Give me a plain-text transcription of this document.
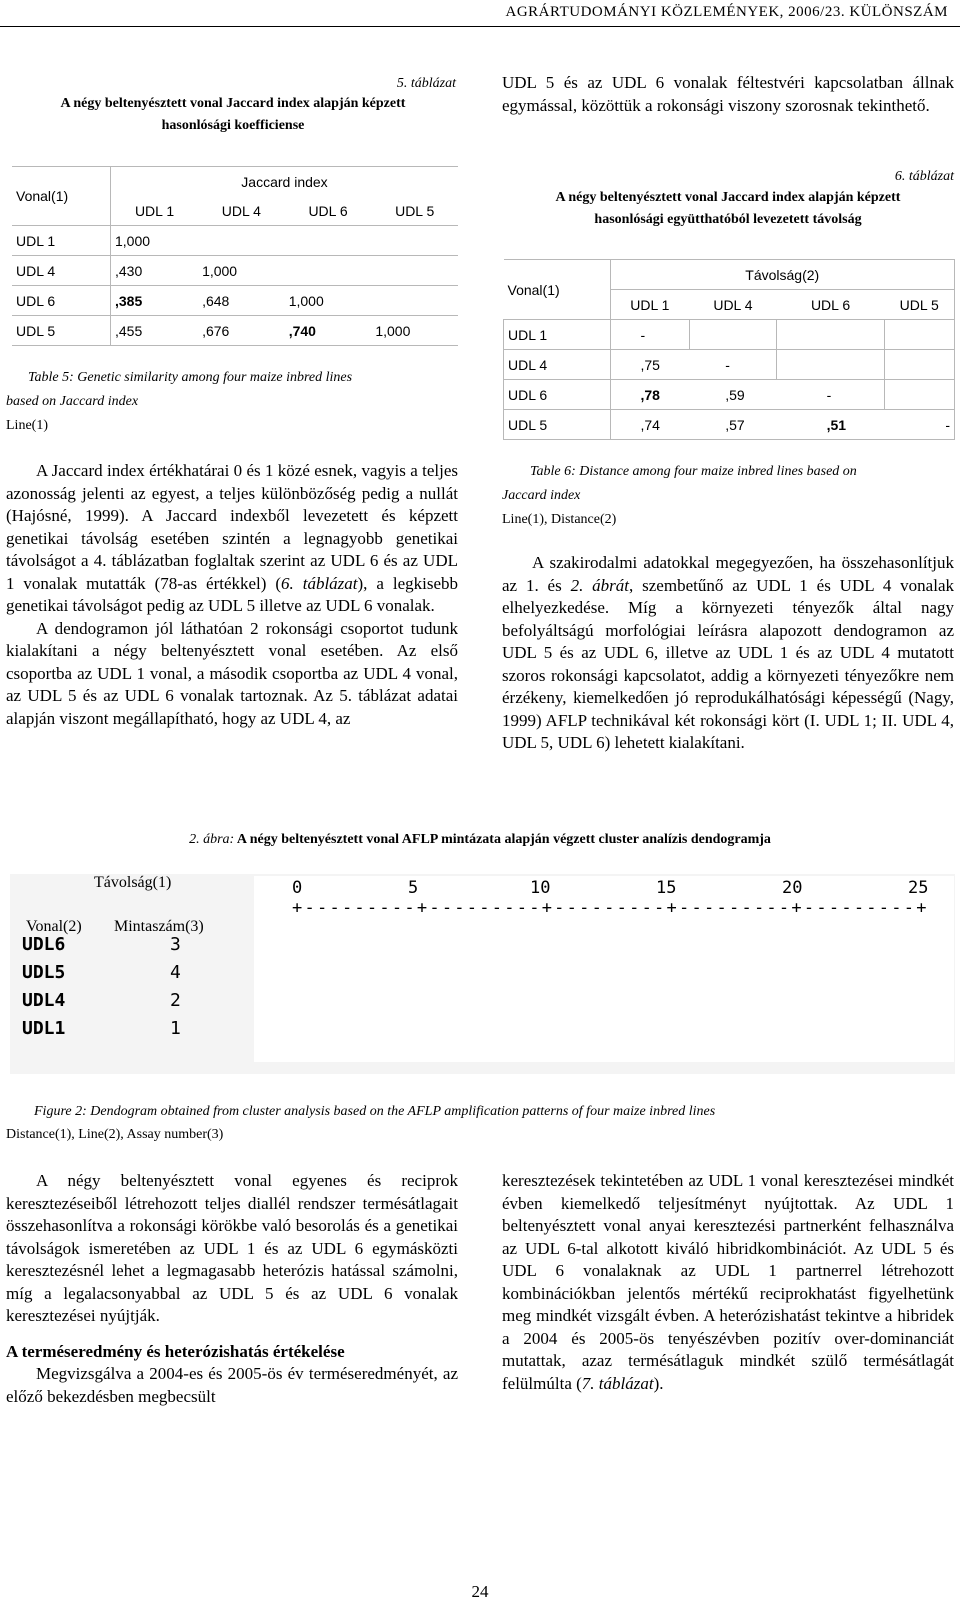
AGRÁRTUDOMÁNYI KÖZLEMÉNYEK, 2006/23. KÜLÖNSZÁM
5. táblázat
A négy beltenyésztett vonal Jaccard index alapján képzett
hasonlósági koefficiense
Vonal(1)	Jaccard index			
	UDL 1	UDL 4	UDL 6	UDL 5
UDL 1	1,000			
UDL 4	,430	1,000		
UDL 6	,385	,648	1,000	
UDL 5	,455	,676	,740	1,000
Table 5: Genetic similarity among four maize inbred lines
based on Jaccard index
Line(1)

A Jaccard index értékhatárai 0 és 1 közé esnek, vagyis a teljes azonosság jelenti az egyest, a teljes különbözőség pedig a nullát (Hajósné, 1999). A Jaccard indexből levezetett és képzett genetikai távolság esetében szintén a legnagyobb genetikai távolságot a 4. táblázatban foglaltak szerint az UDL 6 és az UDL 1 vonalak mutatták (78-as értékkel) (6. táblázat), a legkisebb genetikai távolságot pedig az UDL 5 illetve az UDL 6 vonalak.

A dendogramon jól láthatóan 2 rokonsági csoportot tudunk kialakítani a négy beltenyésztett vonal esetében. Az első csoportba az UDL 1 vonal, a második csoportba az UDL 4 vonal, az UDL 5 és az UDL 6 vonalak tartoznak. Az 5. táblázat adatai alapján viszont megállapítható, hogy az UDL 4, az

UDL 5 és az UDL 6 vonalak féltestvéri kapcsolatban állnak egymással, közöttük a rokonsági viszony szorosnak tekinthető.
6. táblázat
A négy beltenyésztett vonal Jaccard index alapján képzett
hasonlósági együtthatóból levezetett távolság
Vonal(1)	Távolság(2)			
	UDL 1	UDL 4	UDL 6	UDL 5
UDL 1	-			
UDL 4	,75	-		
UDL 6	,78	,59	-	
UDL 5	,74	,57	,51	-
Table 6: Distance among four maize inbred lines based on
Jaccard index
Line(1), Distance(2)

A szakirodalmi adatokkal megegyezően, ha összehasonlítjuk az 1. és 2. ábrát, szembetűnő az UDL 1 és UDL 4 vonalak elhelyezkedése. Míg a környezeti tényezők által nagy befolyáltságú morfológiai leírásra alapozott dendogramon az UDL 5 és az UDL 6, illetve az UDL 1 és az UDL 4 mutatott szoros rokonsági kapcsolatot, addig a környezeti tényezőkre nem érzékeny, kiemelkedően jó reprodukálhatósági képességű (Nagy, 1999) AFLP technikával két rokonsági kört (I. UDL 1; II. UDL 4, UDL 5, UDL 6) lehetett kialakítani.

2. ábra: A négy beltenyésztett vonal AFLP mintázata alapján végzett cluster analízis dendogramja
Távolság(1)
Vonal(2) Mintaszám(3)
0	5	10	15	20	25
+---------+---------+---------+---------+---------+
UDL6	3
UDL5	4
UDL4	2
UDL1	1
Figure 2: Dendogram obtained from cluster analysis based on the AFLP amplification patterns of four maize inbred lines
Distance(1), Line(2), Assay number(3)

A négy beltenyésztett vonal egyenes és reciprok keresztezéseiből létrehozott teljes diallél rendszer termésátlagait összehasonlítva a rokonsági körökbe való besorolás és a genetikai távolságok ismeretében az UDL 1 és az UDL 6 egymásközti keresztezésnél lehet a legmagasabb heterózis hatással számolni, míg a legalacsonyabbal az UDL 5 és az UDL 6 vonalak keresztezései nyújtják.

A terméseredmény és heterózishatás értékelése

Megvizsgálva a 2004-es és 2005-ös év terméseredményét, az előző bekezdésben megbecsült

keresztezések tekintetében az UDL 1 vonal keresztezései mindkét évben kiemelkedő teljesítményt nyújtottak. Az UDL 1 beltenyésztett vonal anyai keresztezési partnerként felhasználva az UDL 6-tal alkotott kiváló hibridkombinációt. Az UDL 5 és UDL 6 vonalaknak az UDL 1 partnerrel létrehozott kombinációkban jelentős mértékű reciprokhatást figyelhetünk meg mindkét vizsgált évben. A heterózishatást tekintve a hibridek a 2004 és 2005-ös tenyészévben pozitív over-dominanciát mutattak, azaz termésátlaguk mindkét szülő termésátlagát felülmúlta (7. táblázat).

24
